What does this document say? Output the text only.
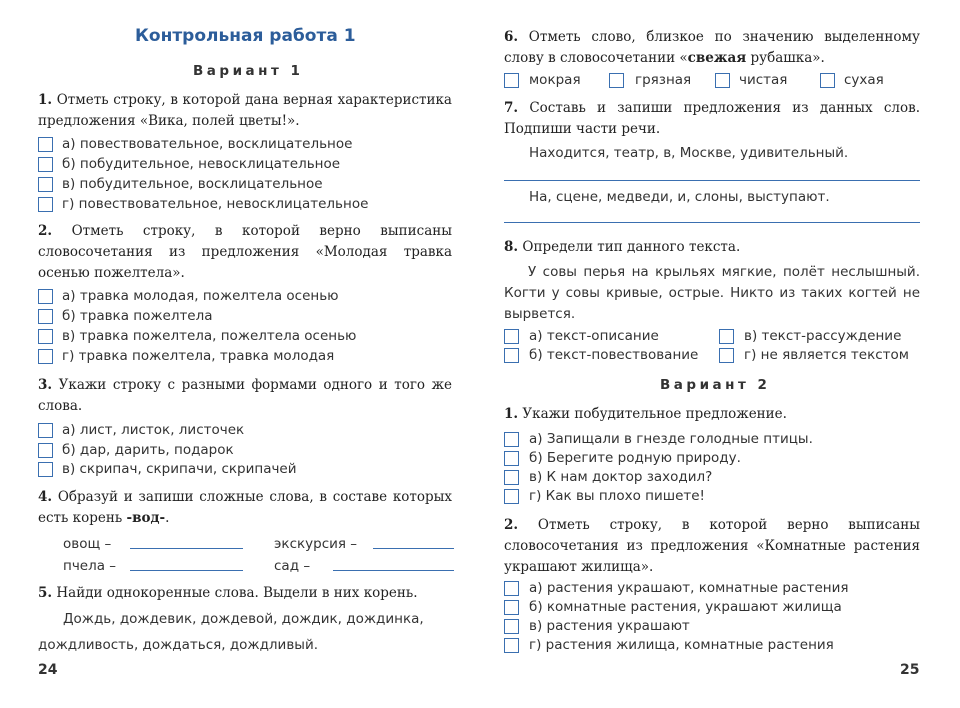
Контрольная работа 1
Вариант 1
1. Отметь строку, в которой дана верная характеристика предложения «Вика, полей цветы!».
а) повествовательное, восклицательное
б) побудительное, невосклицательное
в) побудительное, восклицательное
г) повествовательное, невосклицательное
2. Отметь строку, в которой верно выписаны словосочетания из предложения «Молодая травка осенью пожелтела».
а) травка молодая, пожелтела осенью
б) травка пожелтела
в) травка пожелтела, пожелтела осенью
г) травка пожелтела, травка молодая
3. Укажи строку с разными формами одного и того же слова.
а) лист, листок, листочек
б) дар, дарить, подарок
в) скрипач, скрипачи, скрипачей
4. Образуй и запиши сложные слова, в составе которых есть корень -вод-.
овощ –	экскурсия –
пчела –	сад –
5. Найди однокоренные слова. Выдели в них корень.
Дождь, дождевик, дождевой, дождик, дождинка,
дождливость, дождаться, дождливый.
24
6. Отметь слово, близкое по значению выделенному слову в словосочетании «свежая рубашка».
мокрая	грязная	чистая	сухая
7. Составь и запиши предложения из данных слов. Подпиши части речи.
Находится, театр, в, Москве, удивительный.
На, сцене, медведи, и, слоны, выступают.
8. Определи тип данного текста.
У совы перья на крыльях мягкие, полёт неслышный. Когти у совы кривые, острые. Никто из таких когтей не вырвется.
а) текст-описание	в) текст-рассуждение
б) текст-повествование	г) не является текстом
Вариант 2
1. Укажи побудительное предложение.
а) Запищали в гнезде голодные птицы.
б) Берегите родную природу.
в) К нам доктор заходил?
г) Как вы плохо пишете!
2. Отметь строку, в которой верно выписаны словосочетания из предложения «Комнатные растения украшают жилища».
а) растения украшают, комнатные растения
б) комнатные растения, украшают жилища
в) растения украшают
г) растения жилища, комнатные растения
25
